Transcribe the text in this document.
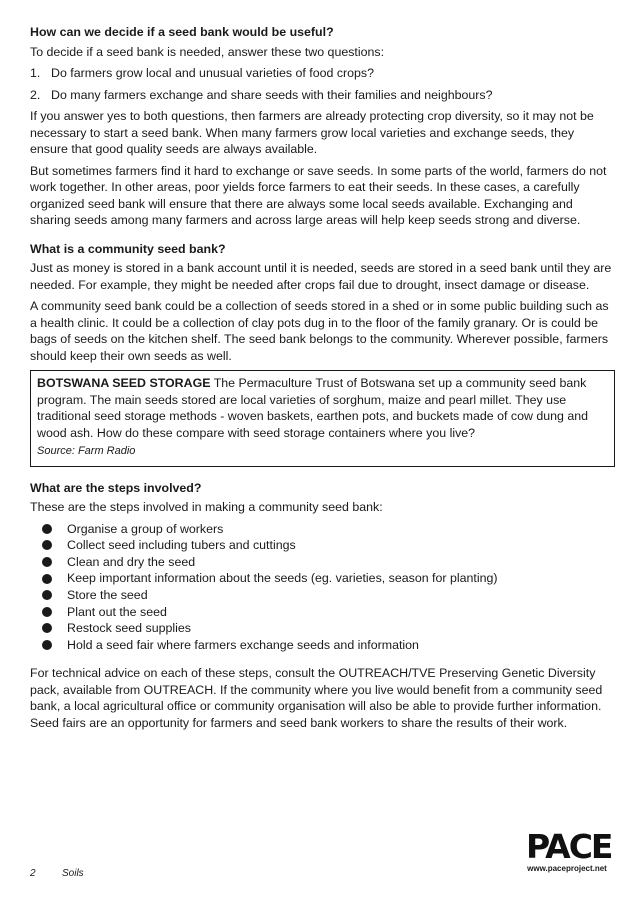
How can we decide if a seed bank would be useful?
To decide if a seed bank is needed, answer these two questions:
1. Do farmers grow local and unusual varieties of food crops?
2. Do many farmers exchange and share seeds with their families and neighbours?
If you answer yes to both questions, then farmers are already protecting crop diversity, so it may not be necessary to start a seed bank. When many farmers grow local varieties and exchange seeds, they ensure that good quality seeds are always available.
But sometimes farmers find it hard to exchange or save seeds. In some parts of the world, farmers do not work together. In other areas, poor yields force farmers to eat their seeds. In these cases, a carefully organized seed bank will ensure that there are always some local seeds available. Exchanging and sharing seeds among many farmers and across large areas will help keep seeds strong and diverse.
What is a community seed bank?
Just as money is stored in a bank account until it is needed, seeds are stored in a seed bank until they are needed. For example, they might be needed after crops fail due to drought, insect damage or disease.
A community seed bank could be a collection of seeds stored in a shed or in some public building such as a health clinic. It could be a collection of clay pots dug in to the floor of the family granary. Or is could be bags of seeds on the kitchen shelf. The seed bank belongs to the community. Wherever possible, farmers should keep their own seeds as well.
BOTSWANA SEED STORAGE The Permaculture Trust of Botswana set up a community seed bank program. The main seeds stored are local varieties of sorghum, maize and pearl millet. They use traditional seed storage methods - woven baskets, earthen pots, and buckets made of cow dung and wood ash. How do these compare with seed storage containers where you live?
Source: Farm Radio
What are the steps involved?
These are the steps involved in making a community seed bank:
Organise a group of workers
Collect seed including tubers and cuttings
Clean and dry the seed
Keep important information about the seeds (eg. varieties, season for planting)
Store the seed
Plant out the seed
Restock seed supplies
Hold a seed fair where farmers exchange seeds and information
For technical advice on each of these steps, consult the OUTREACH/TVE Preserving Genetic Diversity pack, available from OUTREACH. If the community where you live would benefit from a community seed bank, a local agricultural office or community organisation will also be able to provide further information. Seed fairs are an opportunity for farmers and seed bank workers to share the results of their work.
2	Soils
PACE
www.paceproject.net
